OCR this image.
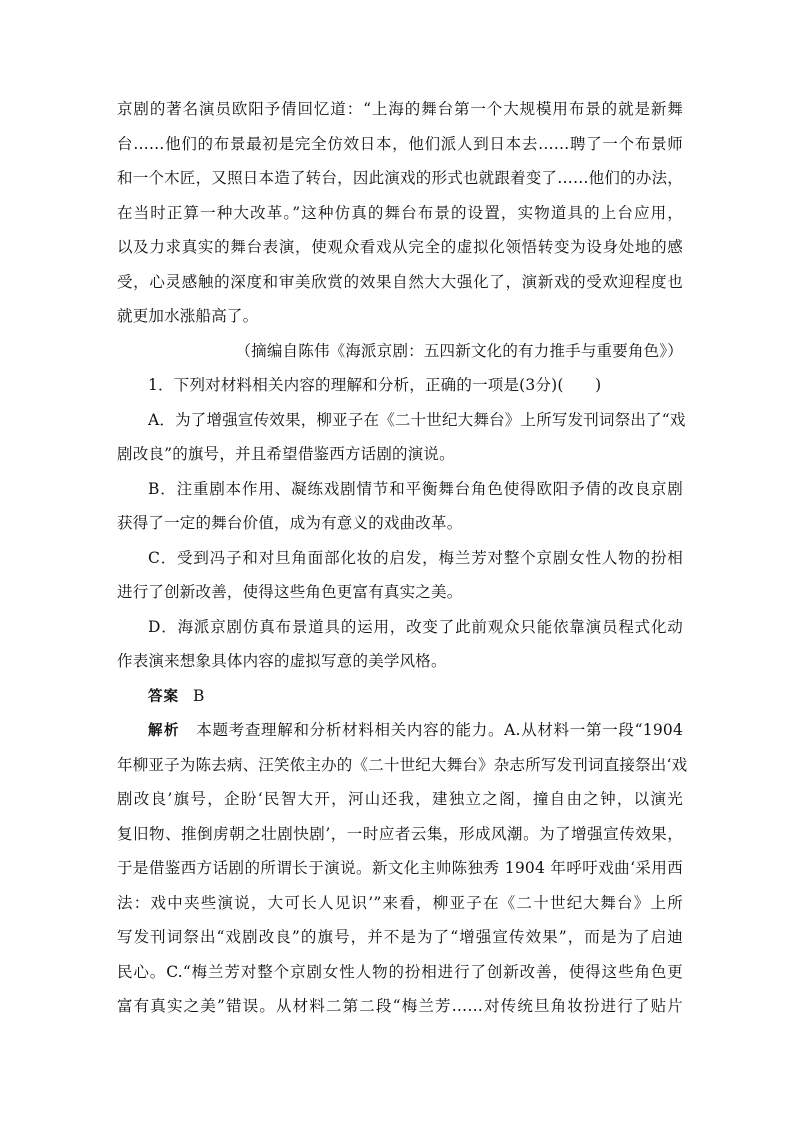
京剧的著名演员欧阳予倩回忆道：“上海的舞台第一个大规模用布景的就是新舞
台……他们的布景最初是完全仿效日本，他们派人到日本去……聘了一个布景师
和一个木匠，又照日本造了转台，因此演戏的形式也就跟着变了……他们的办法，
在当时正算一种大改革。”这种仿真的舞台布景的设置，实物道具的上台应用，
以及力求真实的舞台表演，使观众看戏从完全的虚拟化领悟转变为设身处地的感
受，心灵感触的深度和审美欣赏的效果自然大大强化了，演新戏的受欢迎程度也
就更加水涨船高了。
（摘编自陈伟《海派京剧：五四新文化的有力推手与重要角色》）
1．下列对材料相关内容的理解和分析，正确的一项是(3分)(　　)
A．为了增强宣传效果，柳亚子在《二十世纪大舞台》上所写发刊词祭出了“戏
剧改良”的旗号，并且希望借鉴西方话剧的演说。
B．注重剧本作用、凝练戏剧情节和平衡舞台角色使得欧阳予倩的改良京剧
获得了一定的舞台价值，成为有意义的戏曲改革。
C．受到冯子和对旦角面部化妆的启发，梅兰芳对整个京剧女性人物的扮相
进行了创新改善，使得这些角色更富有真实之美。
D．海派京剧仿真布景道具的运用，改变了此前观众只能依靠演员程式化动
作表演来想象具体内容的虚拟写意的美学风格。
答案 B
解析　 本题考查理解和分析材料相关内容的能力。A.从材料一第一段“1904
年柳亚子为陈去病、汪笑侬主办的《二十世纪大舞台》杂志所写发刊词直接祭出‘戏
剧改良’旗号，企盼‘民智大开，河山还我，建独立之阁，撞自由之钟，以演光
复旧物、推倒虏朝之壮剧快剧’，一时应者云集，形成风潮。为了增强宣传效果，
于是借鉴西方话剧的所谓长于演说。新文化主帅陈独秀 1904 年呼吁戏曲‘采用西
法：戏中夹些演说，大可长人见识’”来看，柳亚子在《二十世纪大舞台》上所
写发刊词祭出“戏剧改良”的旗号，并不是为了“增强宣传效果”，而是为了启迪
民心。C.“梅兰芳对整个京剧女性人物的扮相进行了创新改善，使得这些角色更
富有真实之美”错误。从材料二第二段“梅兰芳……对传统旦角妆扮进行了贴片
